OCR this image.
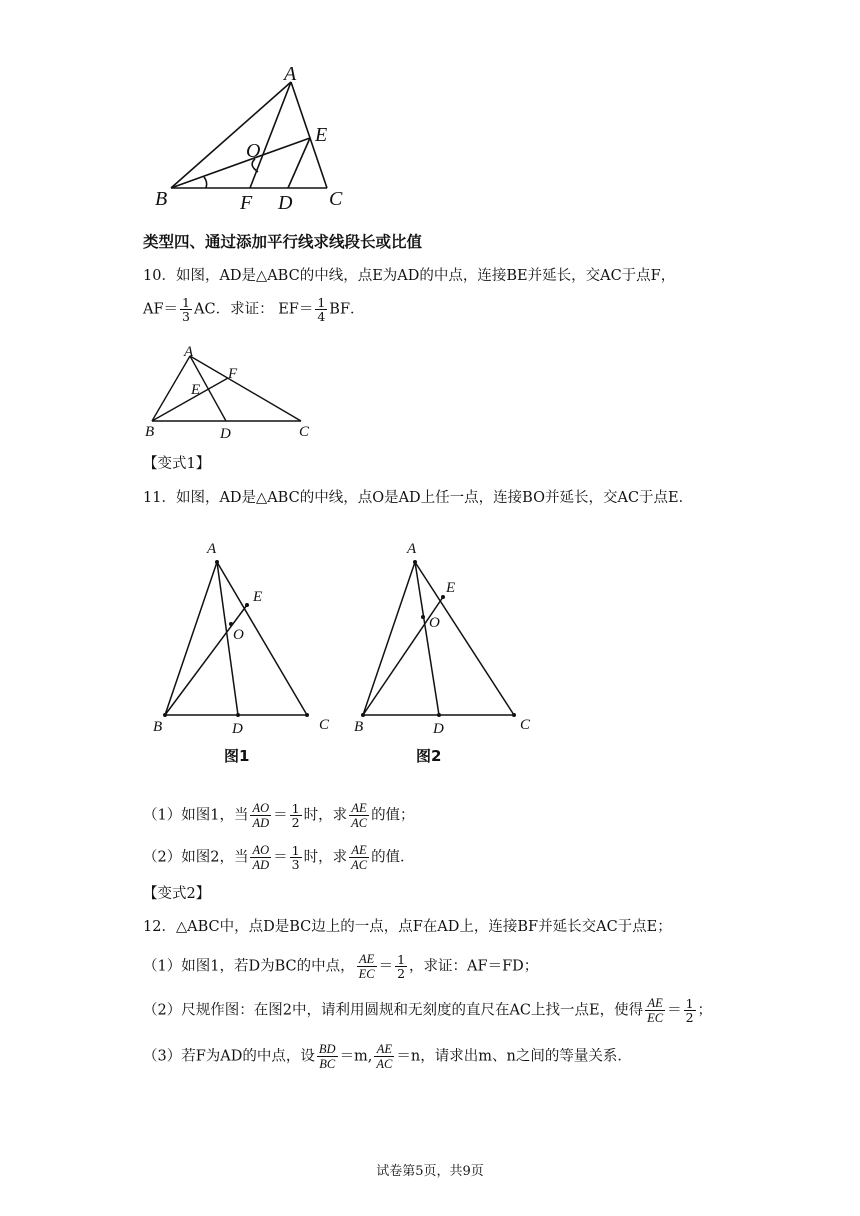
A
E
O
B	F D C
类型四、通过添加平行线求线段长或比值
10．如图，AD是△ABC的中线，点E为AD的中点，连接BE并延长，交AC于点F，
$AF= \frac{1}{3}$ AC．求证： $EF= \frac{1}{4}$ BF．
A
F
E
B	D	C
【变式1】
11．如图，AD是△ABC的中线，点O是AD上任一点，连接BO并延长，交AC于点E．
A
E
O
B	D	C
图1
A
E
O
B	D	C
图2
（1）如图1，当 $\frac{AO}{AD} = \frac{1}{2}$ 时，求 $\frac{AE}{AC}$ 的值；
（2）如图2，当 $\frac{AO}{AD} = \frac{1}{3}$ 时，求 $\frac{AE}{AC}$ 的值．
【变式2】
12．△ABC中，点D是BC边上的一点，点F在AD上，连接BF并延长交AC于点E；
（1）如图1，若D为BC的中点， $\frac{AE}{EC} = \frac{1}{2}$ ，求证：AF＝FD；
（2）尺规作图：在图2中，请利用圆规和无刻度的直尺在AC上找一点E，使得 $\frac{AE}{EC} = \frac{1}{2}$ ；
（3）若F为AD的中点，设 $\frac{BD}{BC} =m$, $\frac{AE}{AC} =n$，请求出m、n之间的等量关系．
试卷第5页，共9页
